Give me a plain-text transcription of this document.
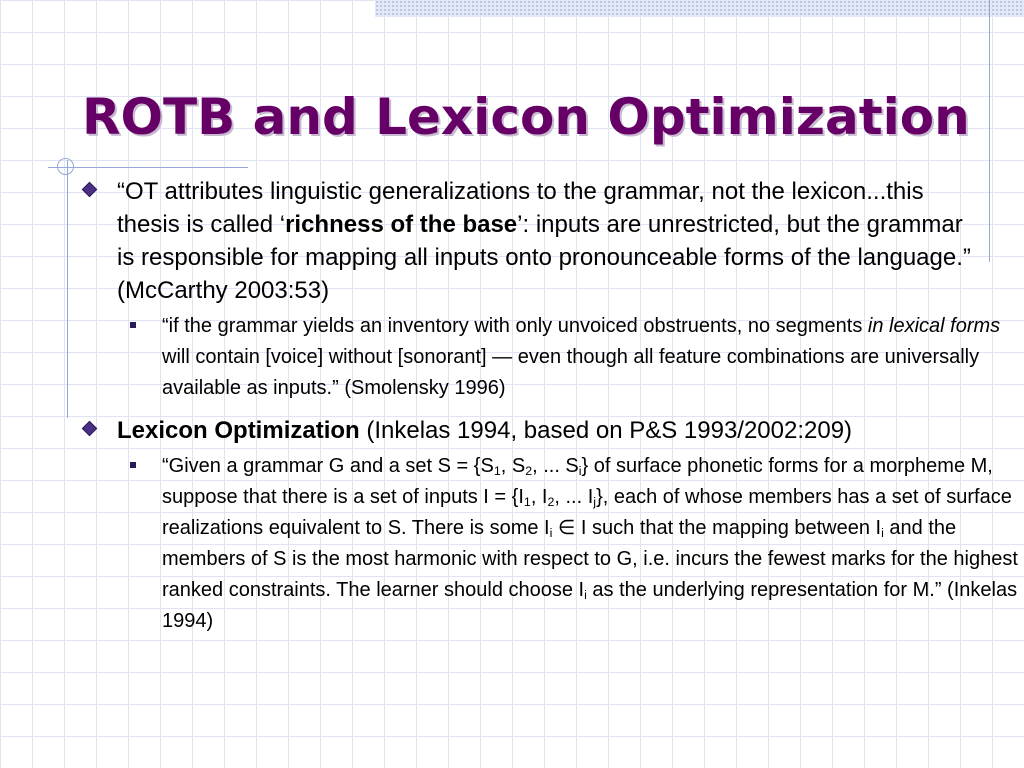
ROTB and Lexicon Optimization
“OT attributes linguistic generalizations to the grammar, not the lexicon...this thesis is called ‘richness of the base’: inputs are unrestricted, but the grammar is responsible for mapping all inputs onto pronounceable forms of the language.” (McCarthy 2003:53)
“if the grammar yields an inventory with only unvoiced obstruents, no segments in lexical forms will contain [voice] without [sonorant] — even though all feature combinations are universally available as inputs.” (Smolensky 1996)
Lexicon Optimization (Inkelas 1994, based on P&S 1993/2002:209)
“Given a grammar G and a set $S = \{S_1$, $S_2$, ... $S_i$} of surface phonetic forms for a morpheme M, suppose that there is a set of inputs $I = \{I_1$, $I_2$, ... $I_j$}, each of whose members has a set of surface realizations equivalent to S. There is some $I_i$ ∈ I such that the mapping between $I_i$ and the members of S is the most harmonic with respect to G, i.e. incurs the fewest marks for the highest ranked constraints. The learner should choose $I_i$ as the underlying representation for M.” (Inkelas 1994)
